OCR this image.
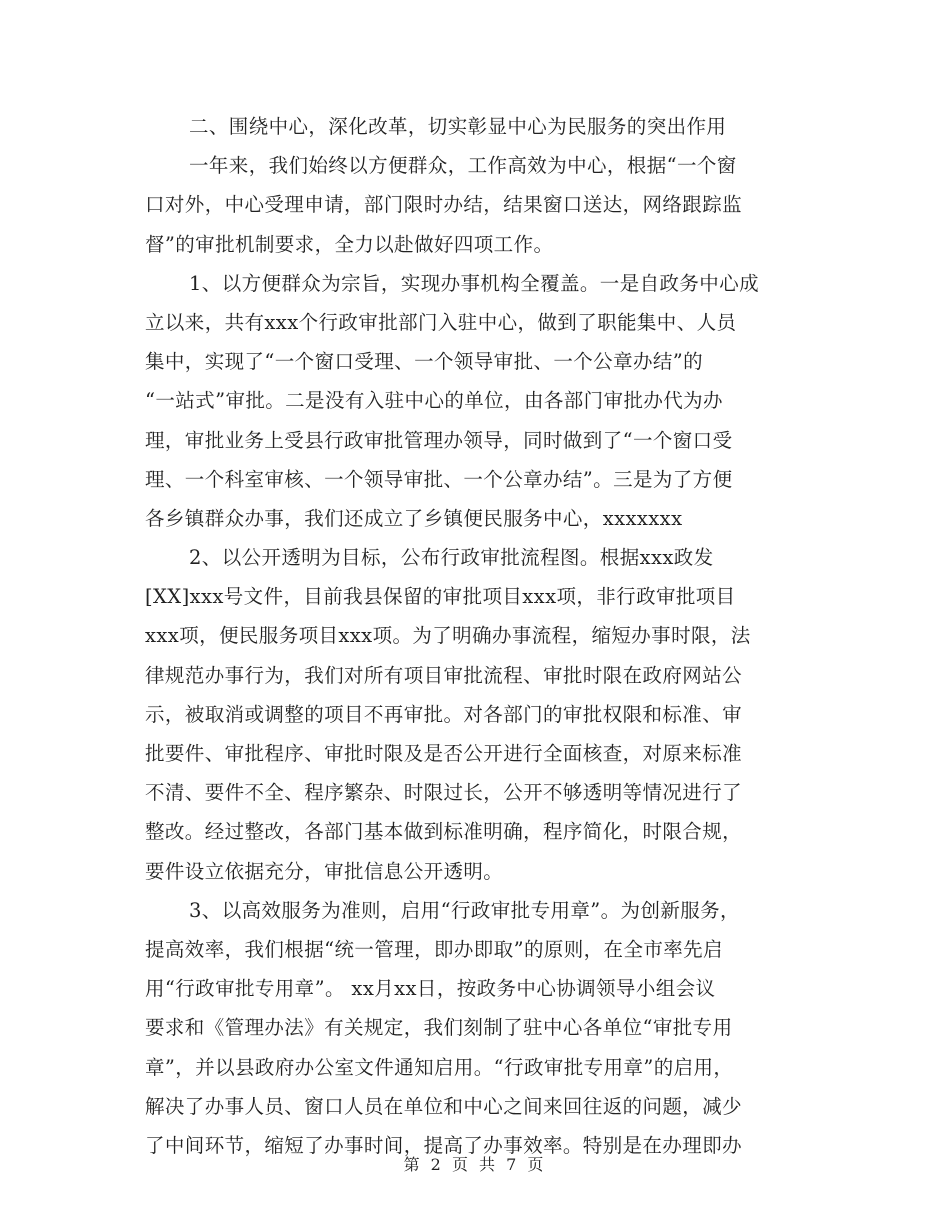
二、围绕中心，深化改革，切实彰显中心为民服务的突出作用
一年来，我们始终以方便群众，工作高效为中心，根据“一个窗
口对外，中心受理申请，部门限时办结，结果窗口送达，网络跟踪监
督”的审批机制要求，全力以赴做好四项工作。
1、以方便群众为宗旨，实现办事机构全覆盖。一是自政务中心成
立以来，共有xxx个行政审批部门入驻中心，做到了职能集中、人员
集中，实现了“一个窗口受理、一个领导审批、一个公章办结”的
“一站式”审批。二是没有入驻中心的单位，由各部门审批办代为办
理，审批业务上受县行政审批管理办领导，同时做到了“一个窗口受
理、一个科室审核、一个领导审批、一个公章办结”。三是为了方便
各乡镇群众办事，我们还成立了乡镇便民服务中心，xxxxxxx
2、以公开透明为目标，公布行政审批流程图。根据xxx政发
[XX]xxx号文件，目前我县保留的审批项目xxx项，非行政审批项目
xxx项，便民服务项目xxx项。为了明确办事流程，缩短办事时限，法
律规范办事行为，我们对所有项目审批流程、审批时限在政府网站公
示，被取消或调整的项目不再审批。对各部门的审批权限和标准、审
批要件、审批程序、审批时限及是否公开进行全面核查，对原来标准
不清、要件不全、程序繁杂、时限过长，公开不够透明等情况进行了
整改。经过整改，各部门基本做到标准明确，程序简化，时限合规，
要件设立依据充分，审批信息公开透明。
3、以高效服务为准则，启用“行政审批专用章”。为创新服务，
提高效率，我们根据“统一管理，即办即取”的原则，在全市率先启
用“行政审批专用章”。 xx月xx日，按政务中心协调领导小组会议
要求和《管理办法》有关规定，我们刻制了驻中心各单位“审批专用
章”，并以县政府办公室文件通知启用。“行政审批专用章”的启用，
解决了办事人员、窗口人员在单位和中心之间来回往返的问题，减少
了中间环节，缩短了办事时间，提高了办事效率。特别是在办理即办
第 2 页 共 7 页
